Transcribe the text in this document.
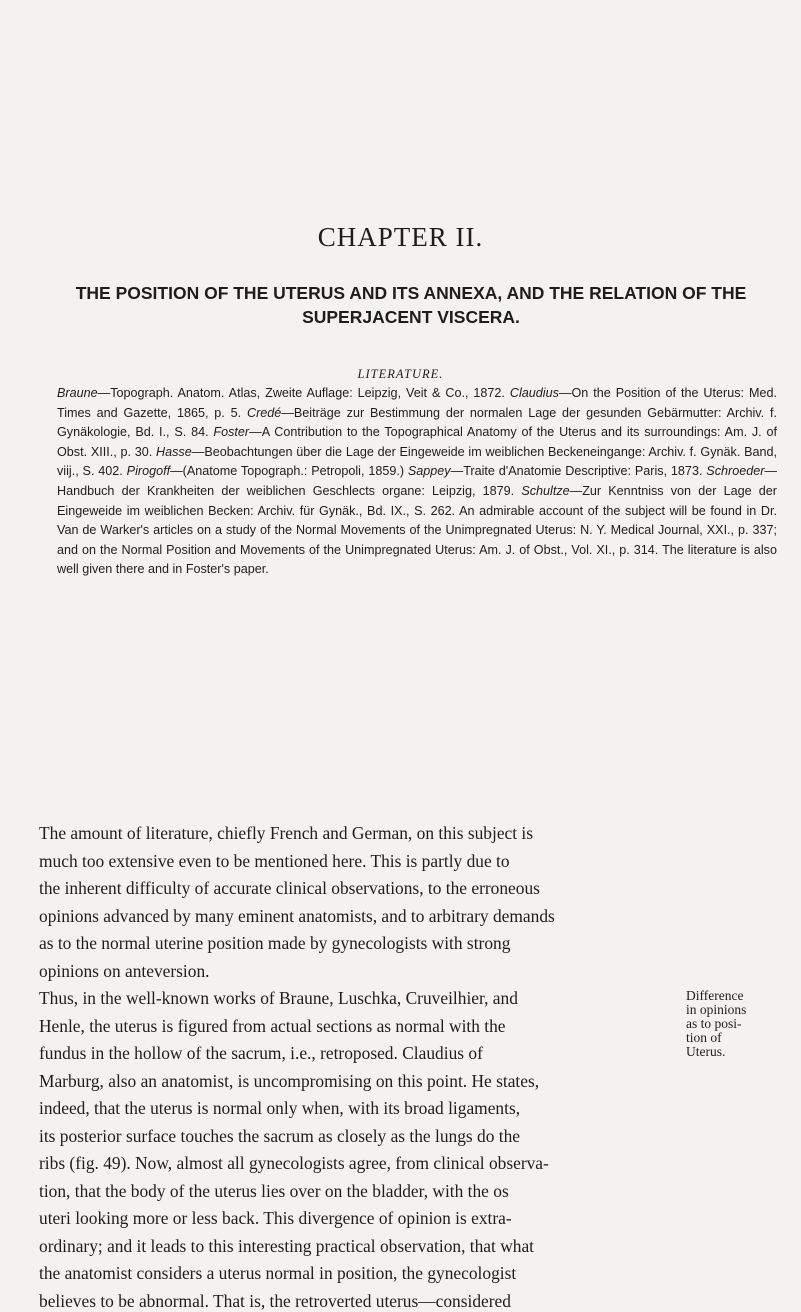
CHAPTER II.
THE POSITION OF THE UTERUS AND ITS ANNEXA, AND THE RELATION OF THE SUPERJACENT VISCERA.
LITERATURE.
Braune—Topograph. Anatom. Atlas, Zweite Auflage: Leipzig, Veit & Co., 1872. Claudius—On the Position of the Uterus: Med. Times and Gazette, 1865, p. 5. Credé—Beiträge zur Bestimmung der normalen Lage der gesunden Gebärmutter: Archiv. f. Gynäkologie, Bd. I., S. 84. Foster—A Contribution to the Topographical Anatomy of the Uterus and its surroundings: Am. J. of Obst. XIII., p. 30. Hasse—Beobachtungen über die Lage der Eingeweide im weiblichen Beckeneingange: Archiv. f. Gynäk. Band, viij., S. 402. Pirogoff—(Anatome Topograph.: Petropoli, 1859.) Sappey—Traite d'Anatomie Descriptive: Paris, 1873. Schroeder—Handbuch der Krankheiten der weiblichen Geschlects organe: Leipzig, 1879. Schultze—Zur Kenntniss von der Lage der Eingeweide im weiblichen Becken: Archiv. für Gynäk., Bd. IX., S. 262. An admirable account of the subject will be found in Dr. Van de Warker's articles on a study of the Normal Movements of the Unimpregnated Uterus: N. Y. Medical Journal, XXI., p. 337; and on the Normal Position and Movements of the Unimpregnated Uterus: Am. J. of Obst., Vol. XI., p. 314. The literature is also well given there and in Foster's paper.
The amount of literature, chiefly French and German, on this subject is
much too extensive even to be mentioned here. This is partly due to
the inherent difficulty of accurate clinical observations, to the erroneous
opinions advanced by many eminent anatomists, and to arbitrary demands
as to the normal uterine position made by gynecologists with strong
opinions on anteversion.
Thus, in the well-known works of Braune, Luschka, Cruveilhier, and
Henle, the uterus is figured from actual sections as normal with the
fundus in the hollow of the sacrum, i.e., retroposed. Claudius of
Marburg, also an anatomist, is uncompromising on this point. He states,
indeed, that the uterus is normal only when, with its broad ligaments,
its posterior surface touches the sacrum as closely as the lungs do the
ribs (fig. 49). Now, almost all gynecologists agree, from clinical observa-
tion, that the body of the uterus lies over on the bladder, with the os
uteri looking more or less back. This divergence of opinion is extra-
ordinary; and it leads to this interesting practical observation, that what
the anatomist considers a uterus normal in position, the gynecologist
believes to be abnormal. That is, the retroverted uterus—considered
Difference
in opinions
as to posi-
tion of
Uterus.
